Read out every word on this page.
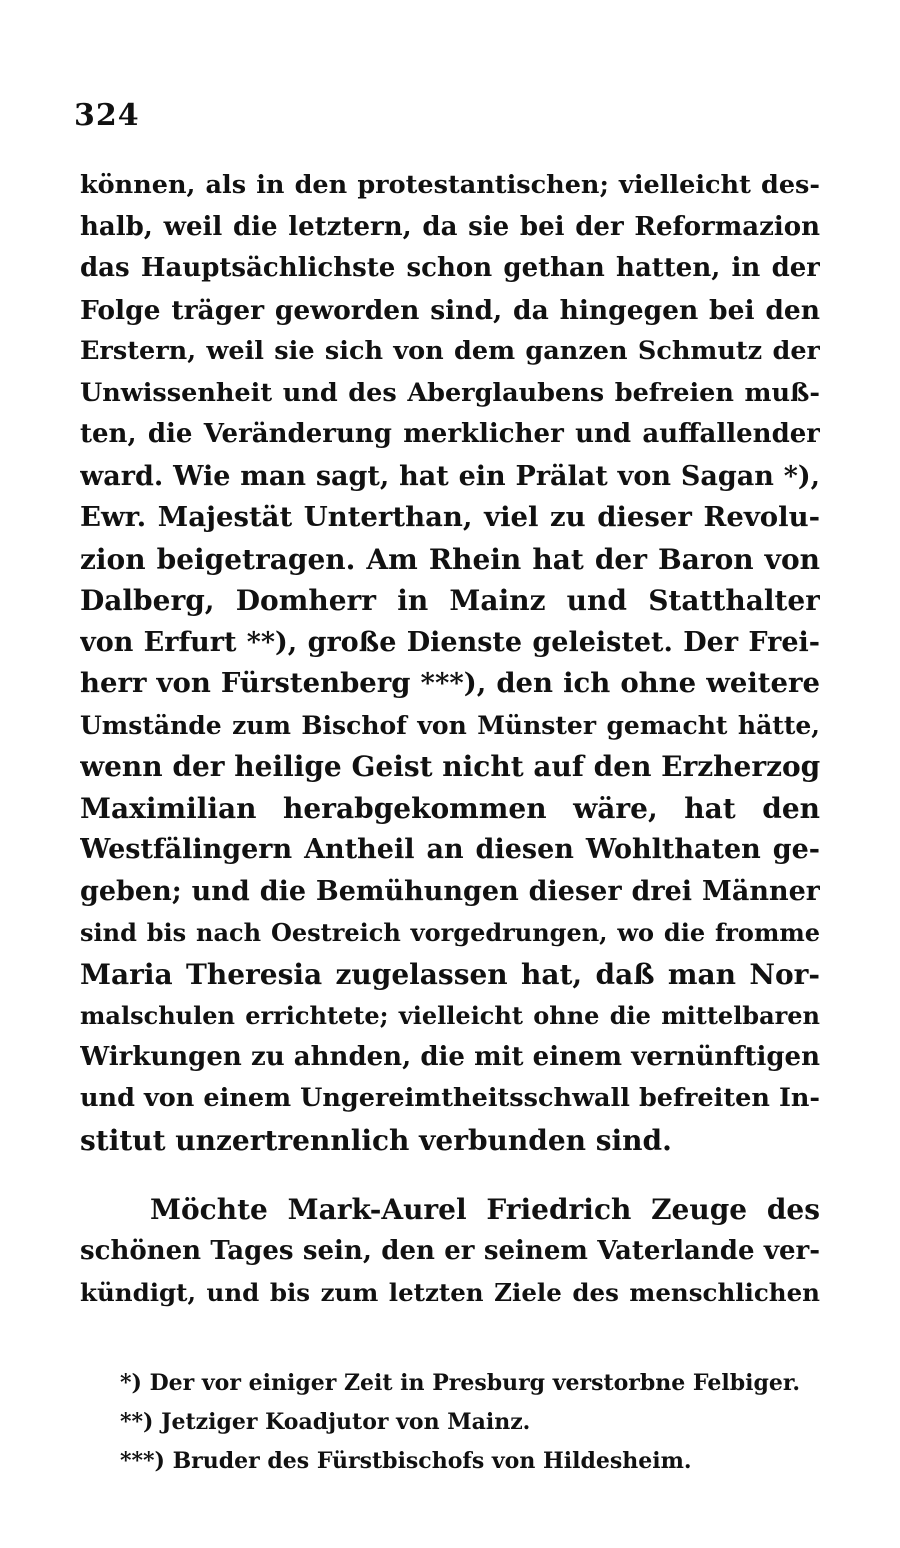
324
können, als in den protestantischen; vielleicht des-
halb, weil die letztern, da sie bei der Reformazion
das Hauptsächlichste schon gethan hatten, in der
Folge träger geworden sind, da hingegen bei den
Erstern, weil sie sich von dem ganzen Schmutz der
Unwissenheit und des Aberglaubens befreien muß-
ten, die Veränderung merklicher und auffallender
ward. Wie man sagt, hat ein Prälat von Sagan *),
Ewr. Majestät Unterthan, viel zu dieser Revolu-
zion beigetragen. Am Rhein hat der Baron von
Dalberg, Domherr in Mainz und Statthalter
von Erfurt **), große Dienste geleistet. Der Frei-
herr von Fürstenberg ***), den ich ohne weitere
Umstände zum Bischof von Münster gemacht hätte,
wenn der heilige Geist nicht auf den Erzherzog
Maximilian herabgekommen wäre, hat den
Westfälingern Antheil an diesen Wohlthaten ge-
geben; und die Bemühungen dieser drei Männer
sind bis nach Oestreich vorgedrungen, wo die fromme
Maria Theresia zugelassen hat, daß man Nor-
malschulen errichtete; vielleicht ohne die mittelbaren
Wirkungen zu ahnden, die mit einem vernünftigen
und von einem Ungereimtheitsschwall befreiten In-
stitut unzertrennlich verbunden sind.
Möchte Mark-Aurel Friedrich Zeuge des
schönen Tages sein, den er seinem Vaterlande ver-
kündigt, und bis zum letzten Ziele des menschlichen
*) Der vor einiger Zeit in Presburg verstorbne Felbiger.
**) Jetziger Koadjutor von Mainz.
***) Bruder des Fürstbischofs von Hildesheim.
